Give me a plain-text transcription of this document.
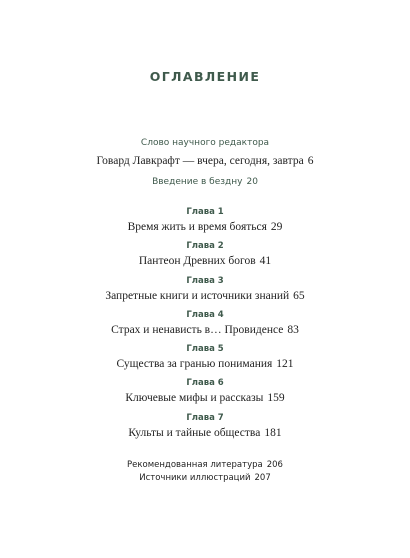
ОГЛАВЛЕНИЕ
Слово научного редактора
Говард Лавкрафт — вчера, сегодня, завтра 6
Введение в бездну 20
Глава 1
Время жить и время бояться 29
Глава 2
Пантеон Древних богов 41
Глава 3
Запретные книги и источники знаний 65
Глава 4
Страх и ненависть в… Провиденсе 83
Глава 5
Существа за гранью понимания 121
Глава 6
Ключевые мифы и рассказы 159
Глава 7
Культы и тайные общества 181
Рекомендованная литература 206
Источники иллюстраций 207
